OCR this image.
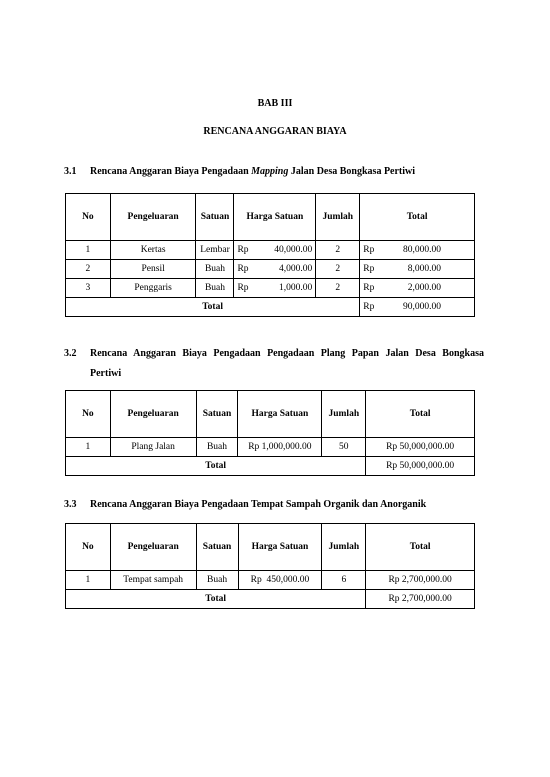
BAB III
RENCANA ANGGARAN BIAYA
3.1 Rencana Anggaran Biaya Pengadaan Mapping Jalan Desa Bongkasa Pertiwi
No	Pengeluaran	Satuan	Harga Satuan	Jumlah	Total
1	Kertas	Lembar	Rp 40,000.00	2	Rp 80,000.00

2	Pensil	Buah	Rp 4,000.00	2	Rp 8,000.00

3	Penggaris	Buah	Rp 1,000.00	2	Rp 2,000.00

Total					Rp 90,000.00
3.2	Rencana Anggaran Biaya Pengadaan Pengadaan Plang Papan Jalan Desa Bongkasa
Pertiwi
No	Pengeluaran	Satuan	Harga Satuan	Jumlah	Total
1	Plang Jalan	Buah	Rp 1,000,000.00	50	Rp 50,000,000.00
Total					Rp 50,000,000.00
3.3 Rencana Anggaran Biaya Pengadaan Tempat Sampah Organik dan Anorganik
No	Pengeluaran	Satuan	Harga Satuan	Jumlah	Total
1	Tempat sampah	Buah	Rp  450,000.00	6	Rp 2,700,000.00
Total					Rp 2,700,000.00
